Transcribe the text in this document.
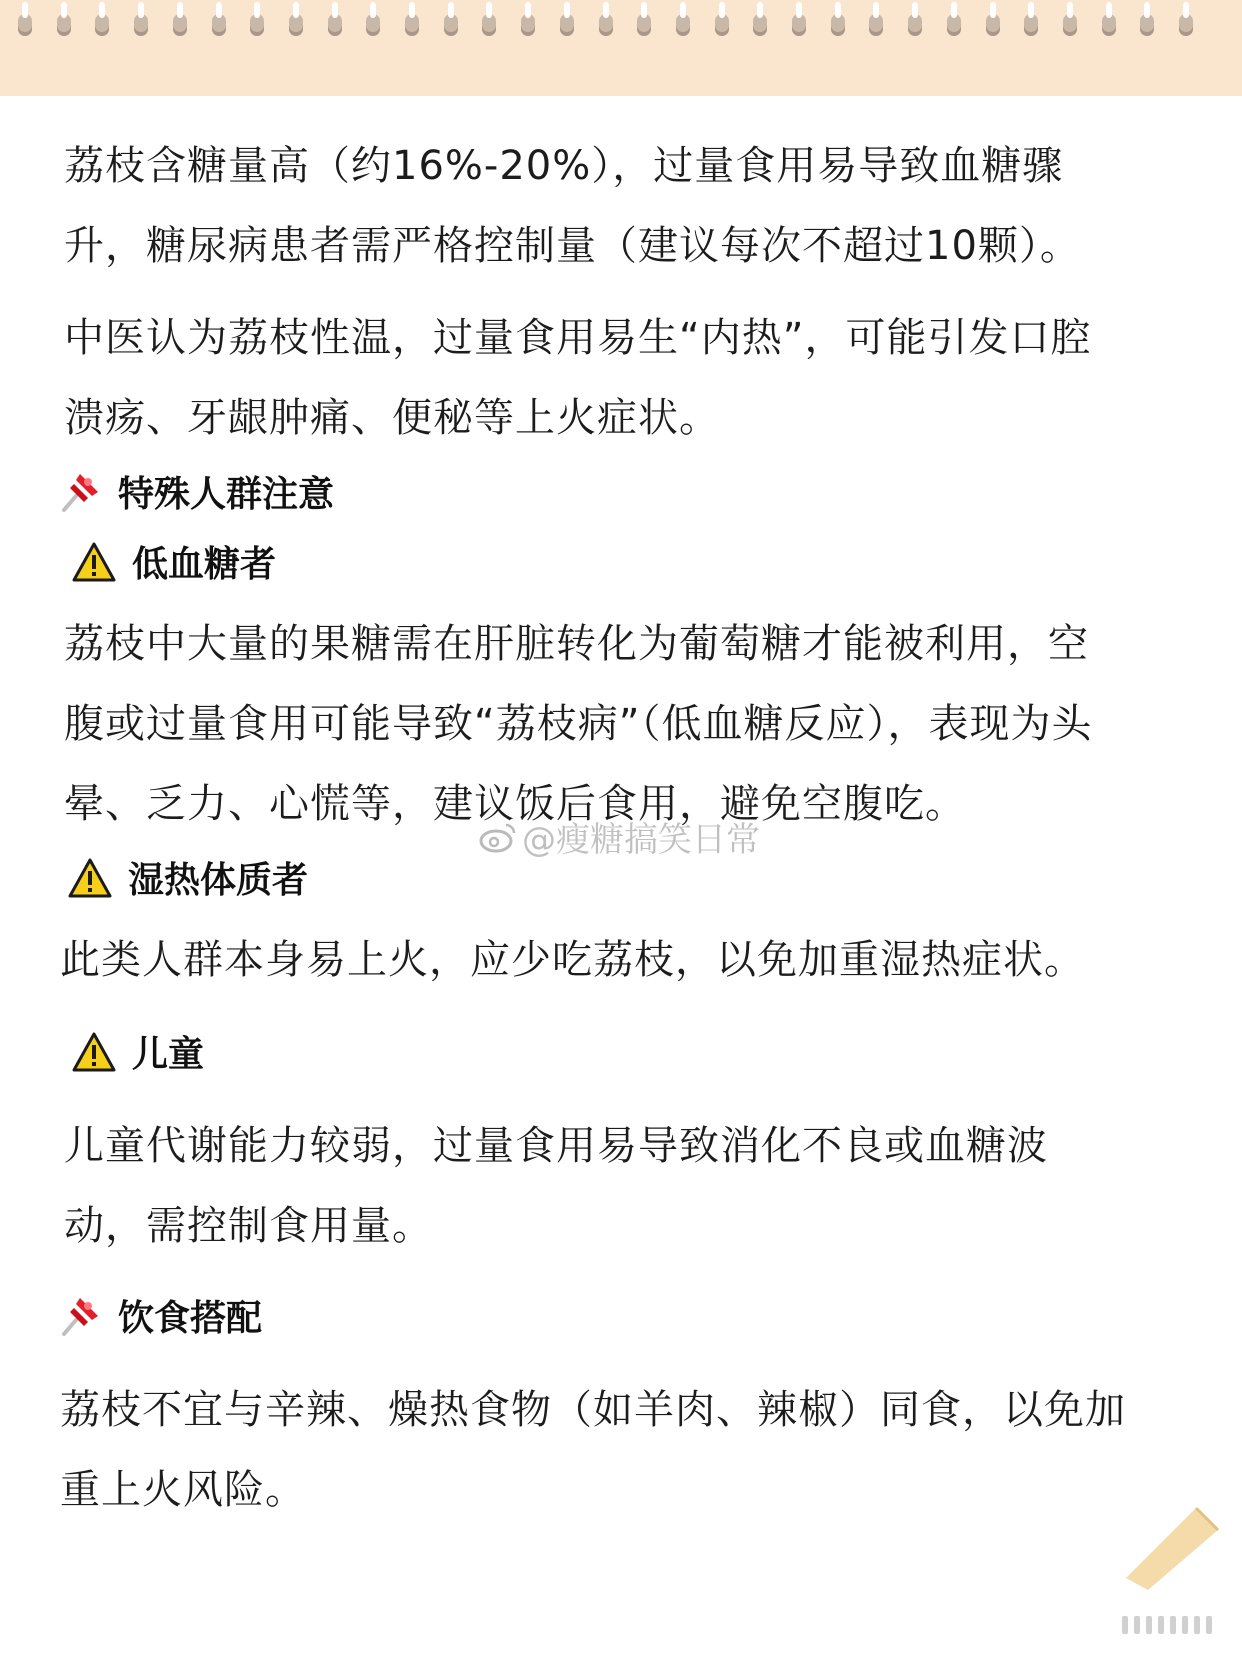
荔枝含糖量高（约16%-20%），过量食用易导致血糖骤升，糖尿病患者需严格控制量（建议每次不超过10颗）。

中医认为荔枝性温，过量食用易生“内热”，可能引发口腔溃疡、牙龈肿痛、便秘等上火症状。

特殊人群注意
低血糖者

荔枝中大量的果糖需在肝脏转化为葡萄糖才能被利用，空腹或过量食用可能导致“荔枝病”（低血糖反应），表现为头晕、乏力、心慌等，建议饭后食用，避免空腹吃。

湿热体质者

此类人群本身易上火，应少吃荔枝，以免加重湿热症状。

儿童

儿童代谢能力较弱，过量食用易导致消化不良或血糖波动，需控制食用量。

饮食搭配

荔枝不宜与辛辣、燥热食物（如羊肉、辣椒）同食，以免加重上火风险。

@瘦糖搞笑日常
